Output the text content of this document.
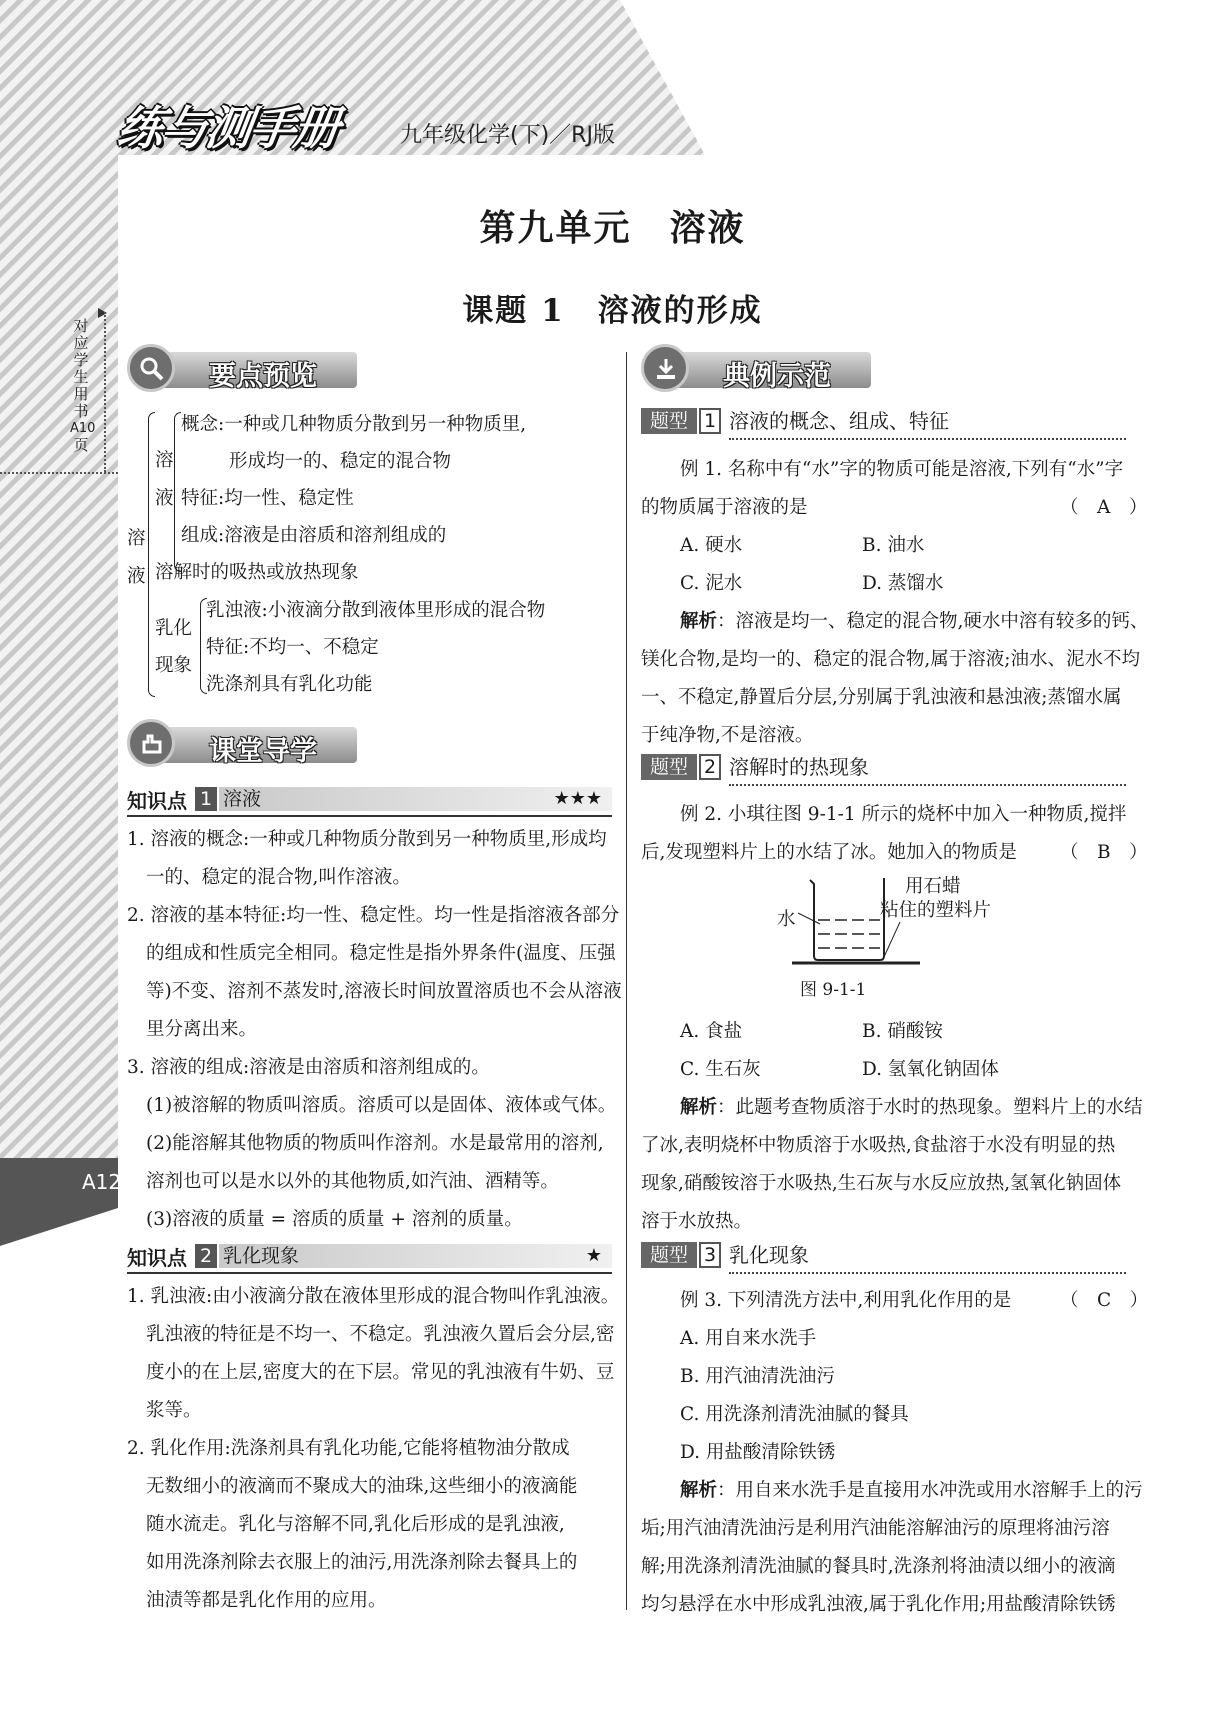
练与测手册	九年级化学(下)／RJ版
对
应
学
生
用
书
A10
页
A12
第九单元　溶液
课题 1　溶液的形成
要点预览
溶液
溶液
概念:一种或几种物质分散到另一种物质里,
形成均一的、稳定的混合物
特征:均一性、稳定性
组成:溶液是由溶质和溶剂组成的
溶解时的吸热或放热现象
乳化
现象
乳浊液:小液滴分散到液体里形成的混合物
特征:不均一、不稳定
洗涤剂具有乳化功能
课堂导学
知识点 1 溶液	★★★
1. 溶液的概念:一种或几种物质分散到另一种物质里,形成均
一的、稳定的混合物,叫作溶液。
2. 溶液的基本特征:均一性、稳定性。均一性是指溶液各部分
的组成和性质完全相同。稳定性是指外界条件(温度、压强
等)不变、溶剂不蒸发时,溶液长时间放置溶质也不会从溶液
里分离出来。
3. 溶液的组成:溶液是由溶质和溶剂组成的。
(1)被溶解的物质叫溶质。溶质可以是固体、液体或气体。
(2)能溶解其他物质的物质叫作溶剂。水是最常用的溶剂,
溶剂也可以是水以外的其他物质,如汽油、酒精等。
(3)溶液的质量 = 溶质的质量 + 溶剂的质量。
知识点 2 乳化现象	★
1. 乳浊液:由小液滴分散在液体里形成的混合物叫作乳浊液。
乳浊液的特征是不均一、不稳定。乳浊液久置后会分层,密
度小的在上层,密度大的在下层。常见的乳浊液有牛奶、豆
浆等。
2. 乳化作用:洗涤剂具有乳化功能,它能将植物油分散成
无数细小的液滴而不聚成大的油珠,这些细小的液滴能
随水流走。乳化与溶解不同,乳化后形成的是乳浊液,
如用洗涤剂除去衣服上的油污,用洗涤剂除去餐具上的
油渍等都是乳化作用的应用。
典例示范
题型 1 溶液的概念、组成、特征
例 1. 名称中有“水”字的物质可能是溶液,下列有“水”字
的物质属于溶液的是	（　A　）
A. 硬水	B. 油水
C. 泥水	D. 蒸馏水
解析：溶液是均一、稳定的混合物,硬水中溶有较多的钙、
镁化合物,是均一的、稳定的混合物,属于溶液;油水、泥水不均
一、不稳定,静置后分层,分别属于乳浊液和悬浊液;蒸馏水属
于纯净物,不是溶液。
题型 2 溶解时的热现象
例 2. 小琪往图 9-1-1 所示的烧杯中加入一种物质,搅拌
后,发现塑料片上的水结了冰。她加入的物质是 （　B　）
水
用石蜡
粘住的塑料片
图 9-1-1
A. 食盐	B. 硝酸铵
C. 生石灰	D. 氢氧化钠固体
解析：此题考查物质溶于水时的热现象。塑料片上的水结
了冰,表明烧杯中物质溶于水吸热,食盐溶于水没有明显的热
现象,硝酸铵溶于水吸热,生石灰与水反应放热,氢氧化钠固体
溶于水放热。
题型 3 乳化现象
例 3. 下列清洗方法中,利用乳化作用的是	（　C　）
A. 用自来水洗手
B. 用汽油清洗油污
C. 用洗涤剂清洗油腻的餐具
D. 用盐酸清除铁锈
解析：用自来水洗手是直接用水冲洗或用水溶解手上的污
垢;用汽油清洗油污是利用汽油能溶解油污的原理将油污溶
解;用洗涤剂清洗油腻的餐具时,洗涤剂将油渍以细小的液滴
均匀悬浮在水中形成乳浊液,属于乳化作用;用盐酸清除铁锈
